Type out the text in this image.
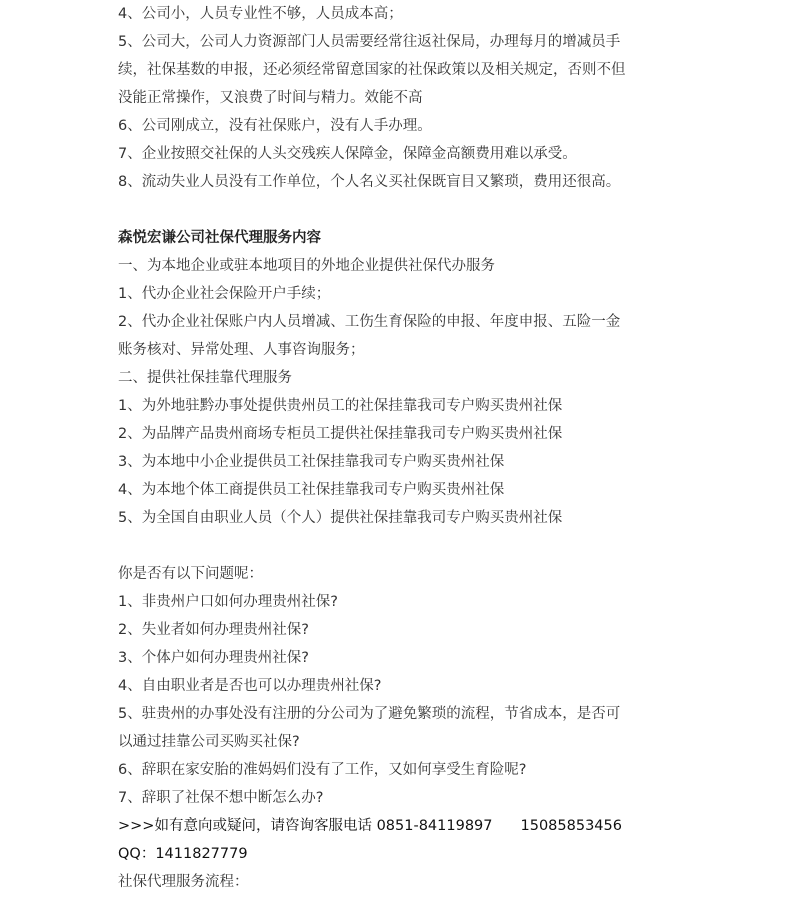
4、公司小，人员专业性不够，人员成本高；
5、公司大，公司人力资源部门人员需要经常往返社保局，办理每月的增减员手
续，社保基数的申报，还必须经常留意国家的社保政策以及相关规定，否则不但
没能正常操作，又浪费了时间与精力。效能不高
6、公司刚成立，没有社保账户，没有人手办理。
7、企业按照交社保的人头交残疾人保障金，保障金高额费用难以承受。
8、流动失业人员没有工作单位，个人名义买社保既盲目又繁琐，费用还很高。
森悦宏谦公司社保代理服务内容
一、为本地企业或驻本地项目的外地企业提供社保代办服务
1、代办企业社会保险开户手续；
2、代办企业社保账户内人员增减、工伤生育保险的申报、年度申报、五险一金
账务核对、异常处理、人事咨询服务；
二、提供社保挂靠代理服务
1、为外地驻黔办事处提供贵州员工的社保挂靠我司专户购买贵州社保
2、为品牌产品贵州商场专柜员工提供社保挂靠我司专户购买贵州社保
3、为本地中小企业提供员工社保挂靠我司专户购买贵州社保
4、为本地个体工商提供员工社保挂靠我司专户购买贵州社保
5、为全国自由职业人员（个人）提供社保挂靠我司专户购买贵州社保
你是否有以下问题呢：
1、非贵州户口如何办理贵州社保?
2、失业者如何办理贵州社保?
3、个体户如何办理贵州社保?
4、自由职业者是否也可以办理贵州社保?
5、驻贵州的办事处没有注册的分公司为了避免繁琐的流程，节省成本，是否可
以通过挂靠公司买购买社保?
6、辞职在家安胎的准妈妈们没有了工作，又如何享受生育险呢?
7、辞职了社保不想中断怎么办?
>>>如有意向或疑问，请咨询客服电话 0851-84119897 15085853456
QQ：1411827779
社保代理服务流程：
